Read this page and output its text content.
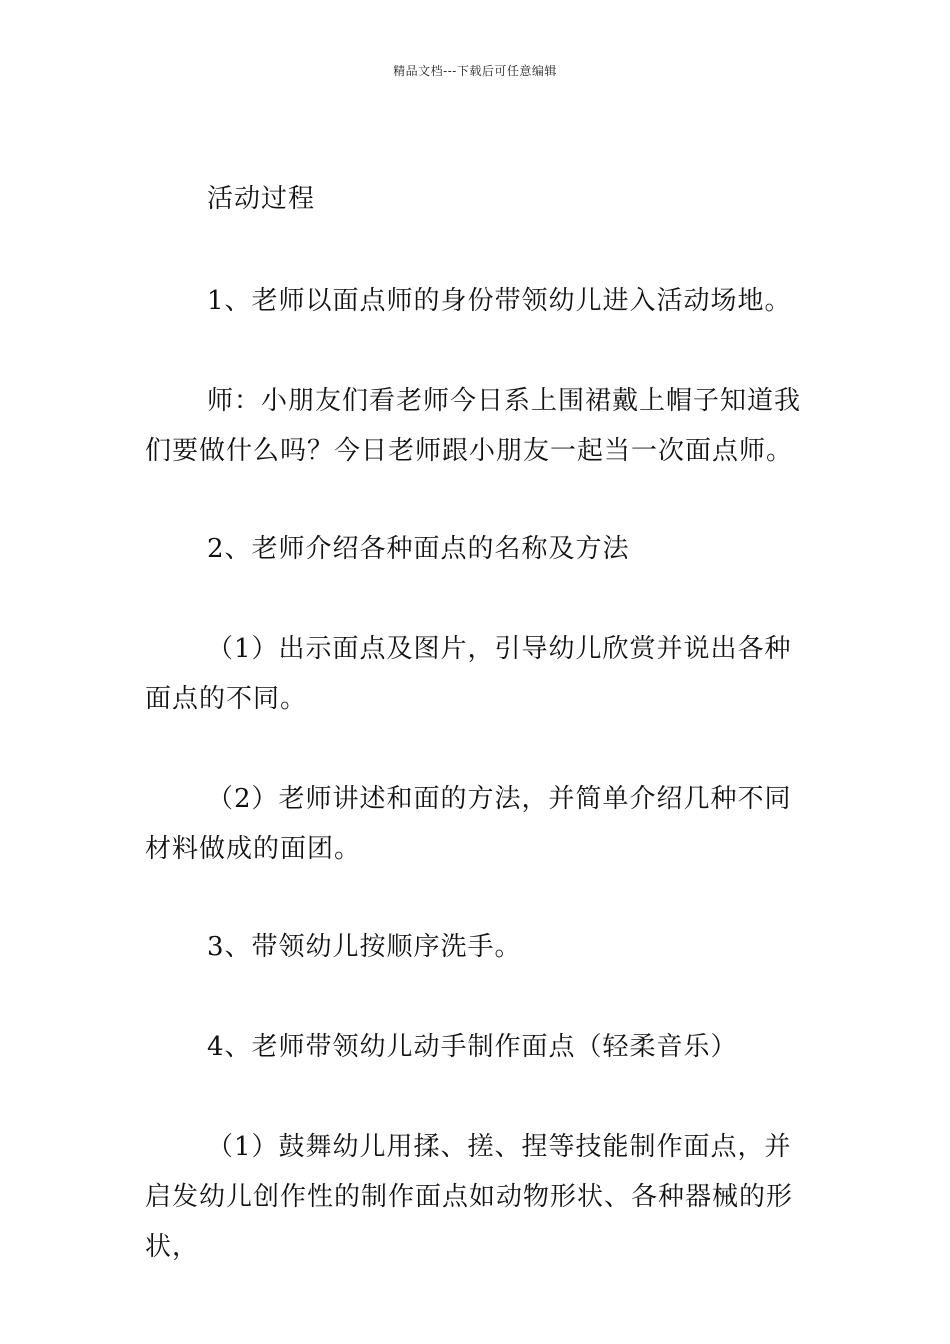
精品文档---下载后可任意编辑

活动过程

1、老师以面点师的身份带领幼儿进入活动场地。

师：小朋友们看老师今日系上围裙戴上帽子知道我们要做什么吗？今日老师跟小朋友一起当一次面点师。

2、老师介绍各种面点的名称及方法

（1）出示面点及图片，引导幼儿欣赏并说出各种面点的不同。

（2）老师讲述和面的方法，并简单介绍几种不同材料做成的面团。

3、带领幼儿按顺序洗手。

4、老师带领幼儿动手制作面点（轻柔音乐）

（1）鼓舞幼儿用揉、搓、捏等技能制作面点，并启发幼儿创作性的制作面点如动物形状、各种器械的形状，
